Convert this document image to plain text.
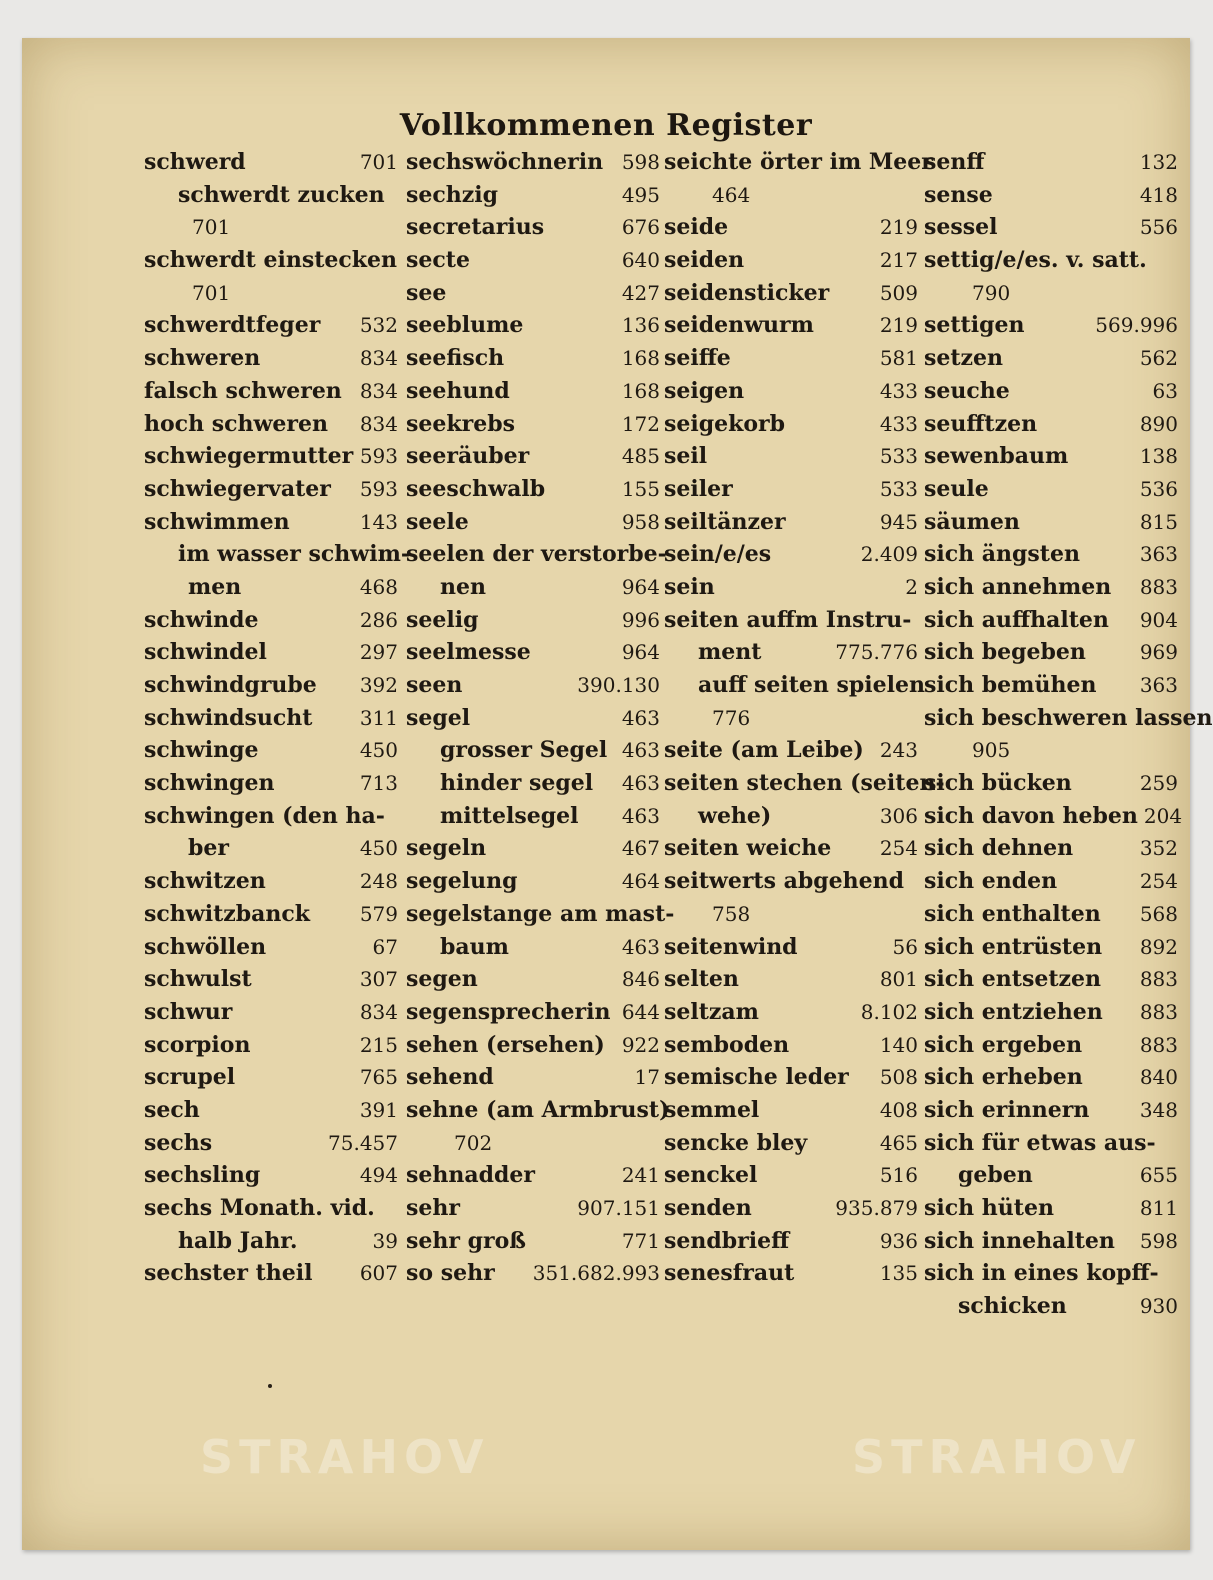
Vollkommenen Register
schwerd	701
schwerdt zucken
701
schwerdt einstecken
701
schwerdtfeger	532
schweren	834
falsch schweren 834
hoch schweren	834
schwiegermutter 593
schwiegervater	593
schwimmen	143
im wasser schwim-
men	468
schwinde	286
schwindel	297
schwindgrube	392
schwindsucht	311
schwinge	450
schwingen	713
schwingen (den ha-
ber	450
schwitzen	248
schwitzbanck	579
schwöllen	67
schwulst	307
schwur	834
scorpion	215
scrupel	765
sech	391
sechs	75.457
sechsling	494
sechs Monath. vid.
halb Jahr.	39
sechster theil	607
sechswöchnerin 598
sechzig	495
secretarius	676
secte	640
see	427
seeblume	136
seefisch	168
seehund	168
seekrebs	172
seeräuber	485
seeschwalb	155
seele	958
seelen der verstorbe-
nen	964
seelig	996
seelmesse	964
seen	390.130
segel	463
grosser Segel 463
hinder segel	463
mittelsegel	463
segeln	467
segelung	464
segelstange am mast-
baum	463
segen	846
segensprecherin 644
sehen (ersehen) 922
sehend	17
sehne (am Armbrust)
702
sehnadder	241
sehr	907.151
sehr groß	771
so sehr	351.682.993
seichte örter im Meer
464
seide	219
seiden	217
seidensticker	509
seidenwurm	219
seiffe	581
seigen	433
seigekorb	433
seil	533
seiler	533
seiltänzer	945
sein/e/es	2.409
sein	2
seiten auffm Instru-
ment	775.776
auff seiten spielen
776
seite (am Leibe) 243
seiten stechen (seiten-
wehe)	306
seiten weiche	254
seitwerts abgehend
758
seitenwind	56
selten	801
seltzam	8.102
semboden	140
semische leder	508
semmel	408
sencke bley	465
senckel	516
senden	935.879
sendbrieff	936
senesfraut	135
senff	132
sense	418
sessel	556
settig/e/es. v. satt.
790
settigen	569.996
setzen	562
seuche	63
seufftzen	890
sewenbaum	138
seule	536
säumen	815
sich ängsten	363
sich annehmen	883
sich auffhalten	904
sich begeben	969
sich bemühen	363
sich beschweren lassen
905
sich bücken	259
sich davon heben 204
sich dehnen	352
sich enden	254
sich enthalten	568
sich entrüsten	892
sich entsetzen	883
sich entziehen	883
sich ergeben	883
sich erheben	840
sich erinnern	348
sich für etwas aus-
geben	655
sich hüten	811
sich innehalten	598
sich in eines kopff-
schicken	930
STRAHOV	STRAHOV
